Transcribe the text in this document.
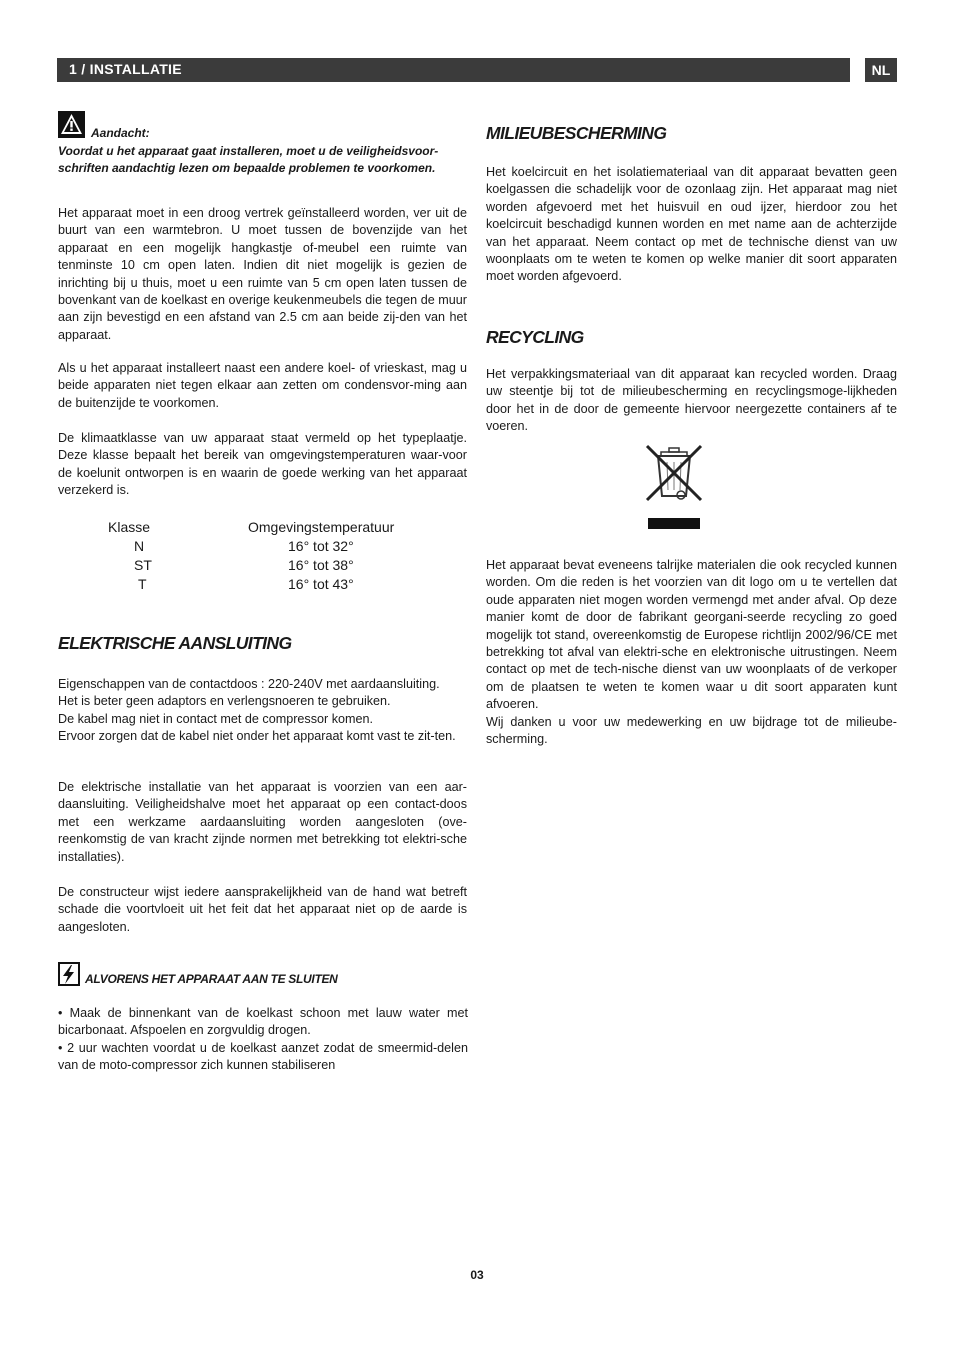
1 / INSTALLATIE	NL
Aandacht:

Voordat u het apparaat gaat installeren, moet u de veiligheidsvoor-schriften aandachtig lezen om bepaalde problemen te voorkomen.

Het apparaat moet in een droog vertrek geïnstalleerd worden, ver uit de buurt van een warmtebron. U moet tussen de bovenzijde van het apparaat en een mogelijk hangkastje of-meubel een ruimte van tenminste 10 cm open laten. Indien dit niet mogelijk is gezien de inrichting bij u thuis, moet u een ruimte van 5 cm open laten tussen de bovenkant van de koelkast en overige keukenmeubels die tegen de muur aan zijn bevestigd en een afstand van 2.5 cm aan beide zij-den van het apparaat.

Als u het apparaat installeert naast een andere koel- of vrieskast, mag u beide apparaten niet tegen elkaar aan zetten om condensvor-ming aan de buitenzijde te voorkomen.

De klimaatklasse van uw apparaat staat vermeld op het typeplaatje. Deze klasse bepaalt het bereik van omgevingstemperaturen waar-voor de koelunit ontworpen is en waarin de goede werking van het apparaat verzekerd is.

Klasse	Omgevingstemperatuur
N	16° tot 32°
ST	16° tot 38°
T	16° tot 43°
ELEKTRISCHE AANSLUITING

Eigenschappen van de contactdoos : 220-240V met aardaansluiting.

Het is beter geen adaptors en verlengsnoeren te gebruiken.

De kabel mag niet in contact met de compressor komen.

Ervoor zorgen dat de kabel niet onder het apparaat komt vast te zit-ten.

De elektrische installatie van het apparaat is voorzien van een aar-daansluiting. Veiligheidshalve moet het apparaat op een contact-doos met een werkzame aardaansluiting worden aangesloten (ove-reenkomstig de van kracht zijnde normen met betrekking tot elektri-sche installaties).

De constructeur wijst iedere aansprakelijkheid van de hand wat betreft schade die voortvloeit uit het feit dat het apparaat niet op de aarde is aangesloten.

ALVORENS HET APPARAAT AAN TE SLUITEN

• Maak de binnenkant van de koelkast schoon met lauw water met bicarbonaat. Afspoelen en zorgvuldig drogen.

• 2 uur wachten voordat u de koelkast aanzet zodat de smeermid-delen van de moto-compressor zich kunnen stabiliseren

MILIEUBESCHERMING

Het koelcircuit en het isolatiemateriaal van dit apparaat bevatten geen koelgassen die schadelijk voor de ozonlaag zijn. Het apparaat mag niet worden afgevoerd met het huisvuil en oud ijzer, hierdoor zou het koelcircuit beschadigd kunnen worden en met name aan de achterzijde van het apparaat. Neem contact op met de technische dienst van uw woonplaats om te weten te komen op welke manier dit soort apparaten moet worden afgevoerd.

RECYCLING

Het verpakkingsmateriaal van dit apparaat kan recycled worden. Draag uw steentje bij tot de milieubescherming en recyclingsmoge-lijkheden door het in de door de gemeente hiervoor neergezette containers af te voeren.

Het apparaat bevat eveneens talrijke materialen die ook recycled kunnen worden. Om die reden is het voorzien van dit logo om u te vertellen dat oude apparaten niet mogen worden vermengd met ander afval. Op deze manier komt de door de fabrikant georgani-seerde recycling zo goed mogelijk tot stand, overeenkomstig de Europese richtlijn 2002/96/CE met betrekking tot afval van elektri-sche en elektronische uitrustingen. Neem contact op met de tech-nische dienst van uw woonplaats of de verkoper om de plaatsen te weten te komen waar u dit soort apparaten kunt afvoeren.

Wij danken u voor uw medewerking en uw bijdrage tot de milieube-scherming.

03
